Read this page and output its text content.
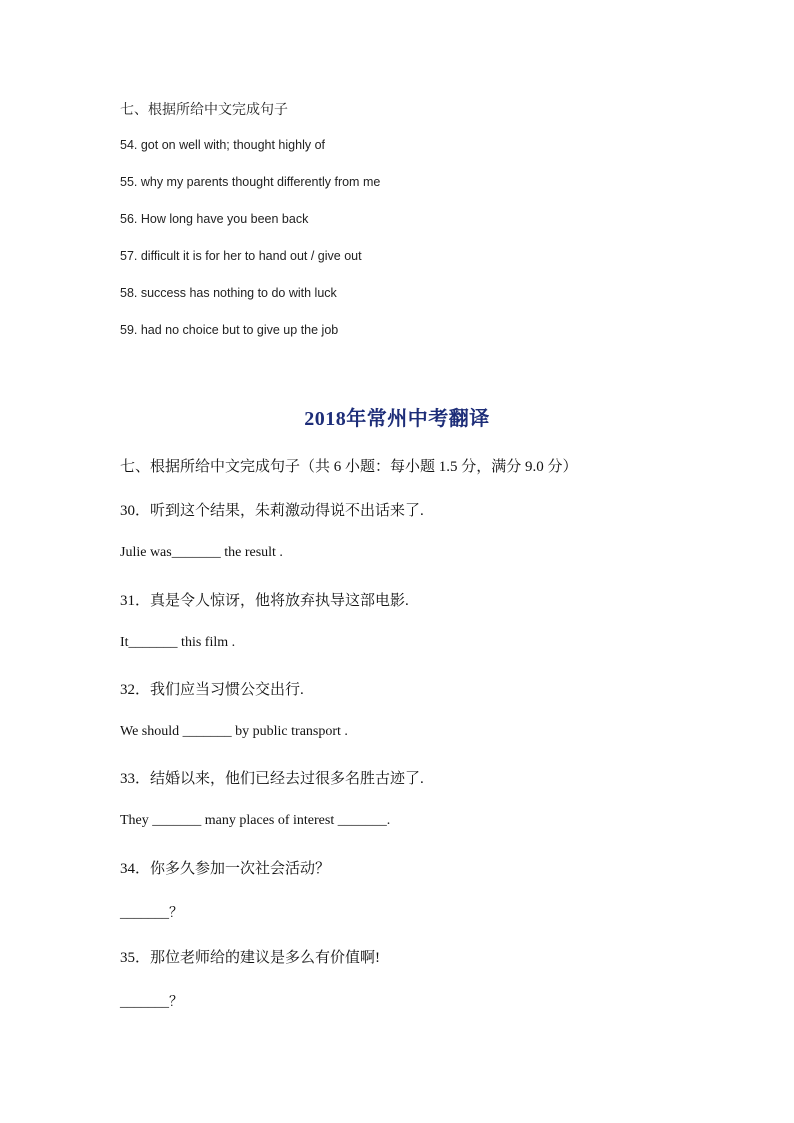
七、根据所给中文完成句子
54. got on well with; thought highly of
55. why my parents thought differently from me
56. How long have you been back
57. difficult it is for her to hand out / give out
58. success has nothing to do with luck
59. had no choice but to give up the job
2018年常州中考翻译
七、根据所给中文完成句子（共 6 小题：每小题 1.5 分，满分 9.0 分）
30．听到这个结果，朱莉激动得说不出话来了.
Julie was_______ the result .
31．真是令人惊讶，他将放弃执导这部电影.
It_______ this film .
32．我们应当习惯公交出行.
We should _______ by public transport .
33．结婚以来，他们已经去过很多名胜古迹了.
They _______ many places of interest _______.
34．你多久参加一次社会活动？
_______？
35．那位老师给的建议是多么有价值啊!
_______？
